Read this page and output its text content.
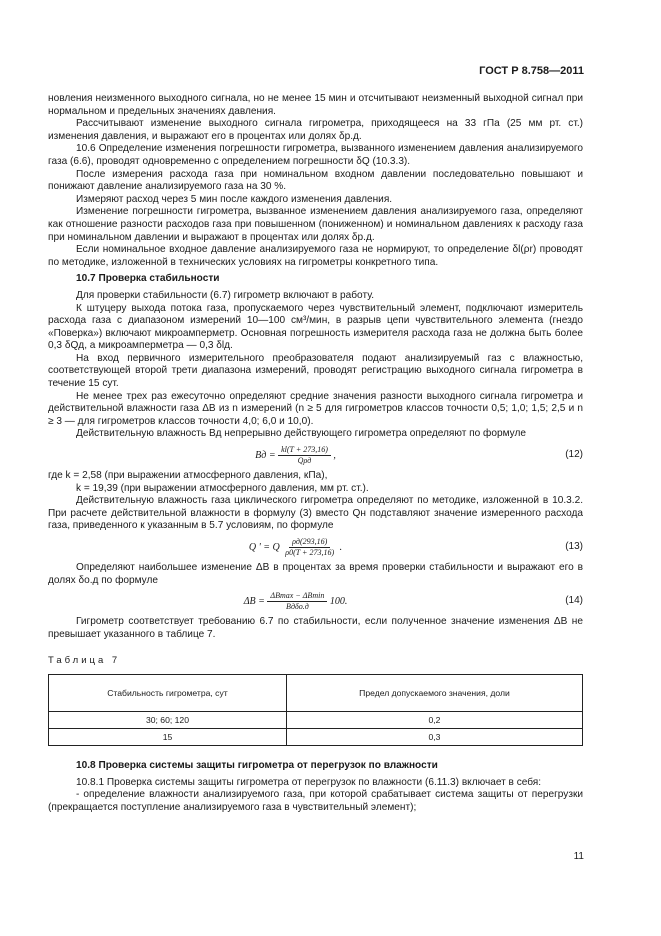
ГОСТ Р 8.758—2011

новления неизменного выходного сигнала, но не менее 15 мин и отсчитывают неизменный выходной сигнал при нормальном и предельных значениях давления.

Рассчитывают изменение выходного сигнала гигрометра, приходящееся на 33 гПа (25 мм рт. ст.) изменения давления, и выражают его в процентах или долях δр.д.

10.6 Определение изменения погрешности гигрометра, вызванного изменением давления анализируемого газа (6.6), проводят одновременно с определением погрешности δQ (10.3.3).

После измерения расхода газа при номинальном входном давлении последовательно повышают и понижают давление анализируемого газа на 30 %.

Измеряют расход через 5 мин после каждого изменения давления.

Изменение погрешности гигрометра, вызванное изменением давления анализируемого газа, определяют как отношение разности расходов газа при повышенном (пониженном) и номинальном давлениях к расходу газа при номинальном давлении и выражают в процентах или долях δр.д.

Если номинальное входное давление анализируемого газа не нормируют, то определение δl(ρr) проводят по методике, изложенной в технических условиях на гигрометры конкретного типа.

10.7 Проверка стабильности

Для проверки стабильности (6.7) гигрометр включают в работу.

К штуцеру выхода потока газа, пропускаемого через чувствительный элемент, подключают измеритель расхода газа с диапазоном измерений 10—100 см³/мин, в разрыв цепи чувствительного элемента (гнездо «Поверка») включают микроамперметр. Основная погрешность измерителя расхода газа не должна быть более 0,3 δQд, а микроамперметра — 0,3 δlд.

На вход первичного измерительного преобразователя подают анализируемый газ с влажностью, соответствующей второй трети диапазона измерений, проводят регистрацию выходного сигнала гигрометра в течение 15 сут.

Не менее трех раз ежесуточно определяют средние значения разности выходного сигнала гигрометра и действительной влажности газа ΔВ из n измерений (n ≥ 5 для гигрометров классов точности 0,5; 1,0; 1,5; 2,5 и n ≥ 3 — для гигрометров классов точности 4,0; 6,0 и 10,0).

Действительную влажность Вд непрерывно действующего гигрометра определяют по формуле

Вд = $\frac{kl(T + 273,16)}{\text{Qρд}}$ ,	(12)

где k = 2,58 (при выражении атмосферного давления, кПа),

k = 19,39 (при выражении атмосферного давления, мм рт. ст.).

Действительную влажность газа циклического гигрометра определяют по методике, изложенной в 10.3.2. При расчете действительной влажности в формулу (3) вместо Qн подставляют значение измеренного расхода газа, приведенного к указанным в 5.7 условиям, по формуле

Q ' = Q $\frac{\rho д(293,16)}{\rho 0(T + 273,16)}$ .	(13)

Определяют наибольшее изменение ΔВ в процентах за время проверки стабильности и выражают его в долях δо.д по формуле

$\Delta В = \frac{\Delta В\max - \Delta В\min}{\text{Вдδо.д}} 100$.	(14)

Гигрометр соответствует требованию 6.7 по стабильности, если полученное значение изменения ΔВ не превышает указанного в таблице 7.

Таблица 7

Стабильность гигрометра, сут	Предел допускаемого значения, доли
30; 60; 120	0,2
15	0,3

10.8 Проверка системы защиты гигрометра от перегрузок по влажности

10.8.1 Проверка системы защиты гигрометра от перегрузок по влажности (6.11.3) включает в себя:

- определение влажности анализируемого газа, при которой срабатывает система защиты от перегрузки (прекращается поступление анализируемого газа в чувствительный элемент);

11
